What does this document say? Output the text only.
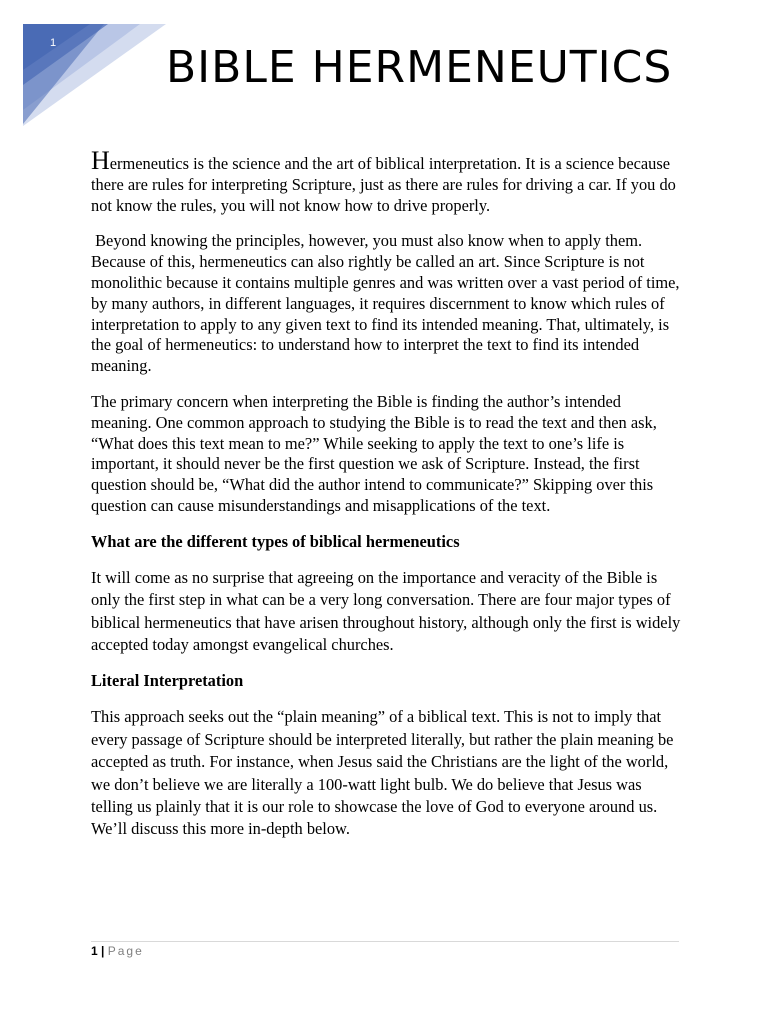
1 BIBLE HERMENEUTICS

Hermeneutics is the science and the art of biblical interpretation. It is a science because there are rules for interpreting Scripture, just as there are rules for driving a car. If you do not know the rules, you will not know how to drive properly.

Beyond knowing the principles, however, you must also know when to apply them. Because of this, hermeneutics can also rightly be called an art. Since Scripture is not monolithic because it contains multiple genres and was written over a vast period of time, by many authors, in different languages, it requires discernment to know which rules of interpretation to apply to any given text to find its intended meaning. That, ultimately, is the goal of hermeneutics: to understand how to interpret the text to find its intended meaning.

The primary concern when interpreting the Bible is finding the author’s intended meaning. One common approach to studying the Bible is to read the text and then ask, “What does this text mean to me?” While seeking to apply the text to one’s life is important, it should never be the first question we ask of Scripture. Instead, the first question should be, “What did the author intend to communicate?” Skipping over this question can cause misunderstandings and misapplications of the text.

What are the different types of biblical hermeneutics

It will come as no surprise that agreeing on the importance and veracity of the Bible is only the first step in what can be a very long conversation. There are four major types of biblical hermeneutics that have arisen throughout history, although only the first is widely accepted today amongst evangelical churches.

Literal Interpretation

This approach seeks out the “plain meaning” of a biblical text. This is not to imply that every passage of Scripture should be interpreted literally, but rather the plain meaning be accepted as truth. For instance, when Jesus said the Christians are the light of the world, we don’t believe we are literally a 100-watt light bulb. We do believe that Jesus was telling us plainly that it is our role to showcase the love of God to everyone around us. We’ll discuss this more in-depth below.

1 | Page
